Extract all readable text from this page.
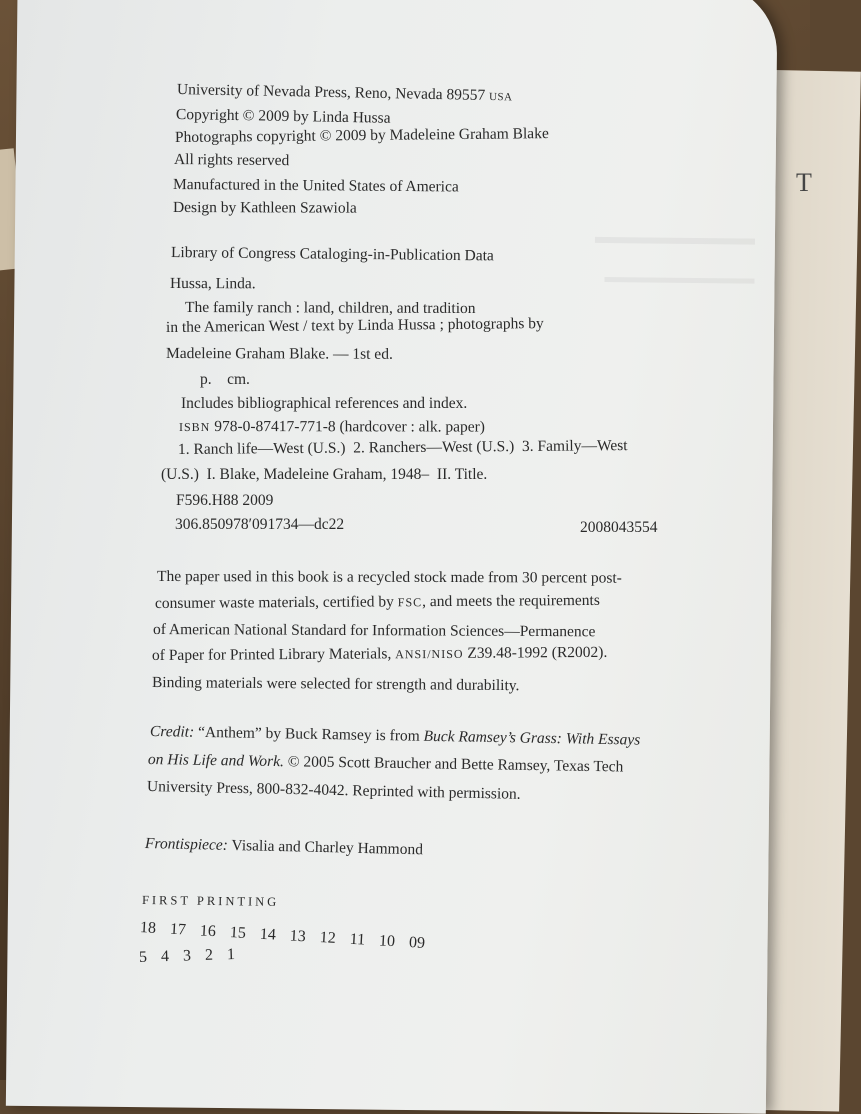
T
University of Nevada Press, Reno, Nevada 89557 USA
Copyright © 2009 by Linda Hussa
Photographs copyright © 2009 by Madeleine Graham Blake
All rights reserved
Manufactured in the United States of America
Design by Kathleen Szawiola
Library of Congress Cataloging-in-Publication Data
Hussa, Linda.
The family ranch : land, children, and tradition
in the American West / text by Linda Hussa ; photographs by
Madeleine Graham Blake. — 1st ed.
p.    cm.
Includes bibliographical references and index.
ISBN 978-0-87417-771-8 (hardcover : alk. paper)
1. Ranch life—West (U.S.)  2. Ranchers—West (U.S.)  3. Family—West
(U.S.)  I. Blake, Madeleine Graham, 1948–  II. Title.
F596.H88 2009
306.850978′091734—dc22	2008043554
The paper used in this book is a recycled stock made from 30 percent post-
consumer waste materials, certified by FSC, and meets the requirements
of American National Standard for Information Sciences—Permanence
of Paper for Printed Library Materials, ANSI/NISO Z39.48-1992 (R2002).
Binding materials were selected for strength and durability.
Credit: “Anthem” by Buck Ramsey is from Buck Ramsey’s Grass: With Essays
on His Life and Work. © 2005 Scott Braucher and Bette Ramsey, Texas Tech
University Press, 800-832-4042. Reprinted with permission.
Frontispiece: Visalia and Charley Hammond
FIRST PRINTING
18 17 16 15 14 13 12 11 10 09
5 4 3 2 1
